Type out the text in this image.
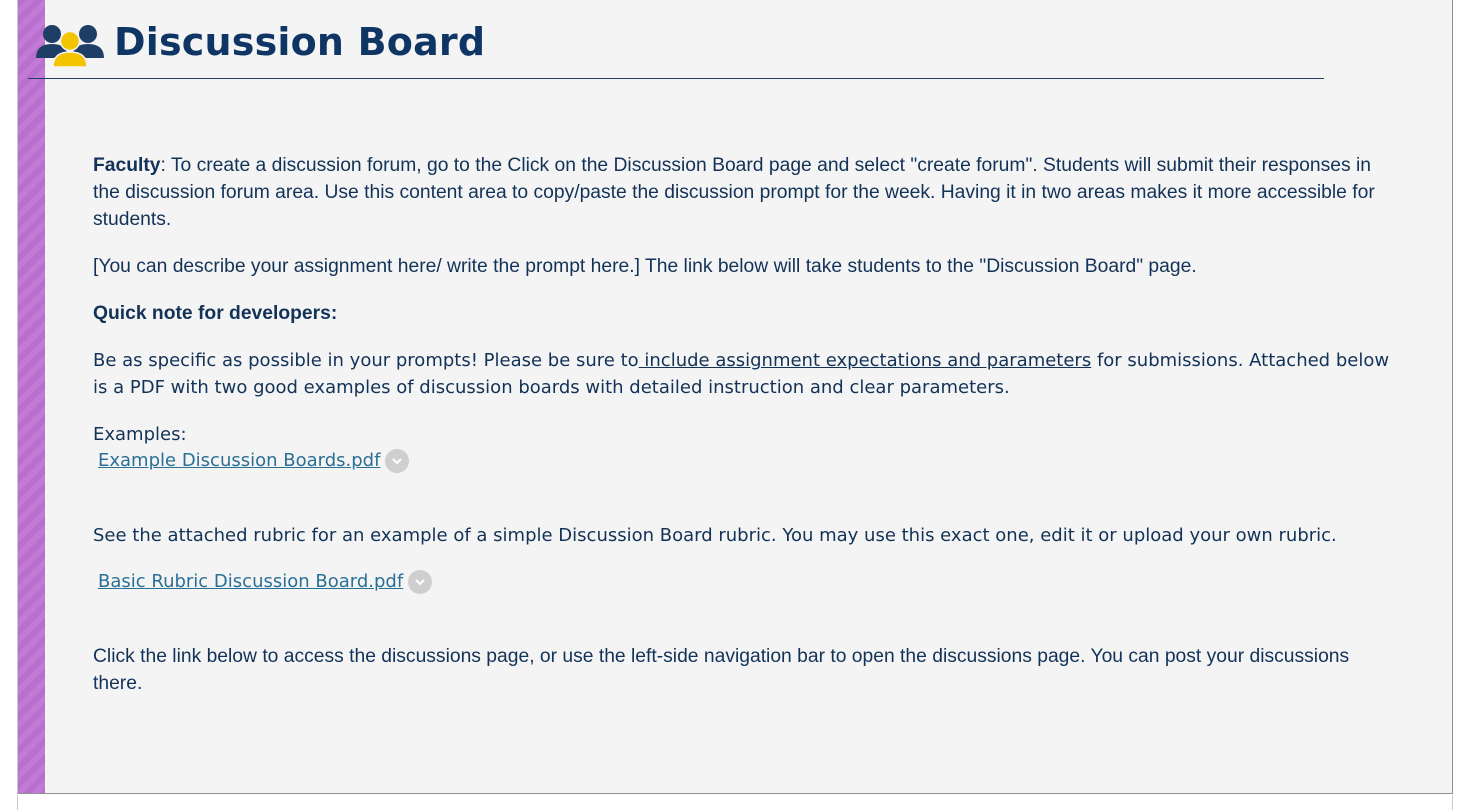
Discussion Board
Faculty: To create a discussion forum, go to the Click on the Discussion Board page and select "create forum". Students will submit their responses in the discussion forum area. Use this content area to copy/paste the discussion prompt for the week. Having it in two areas makes it more accessible for students.
[You can describe your assignment here/ write the prompt here.] The link below will take students to the "Discussion Board" page.
Quick note for developers:
Be as specific as possible in your prompts! Please be sure to include assignment expectations and parameters for submissions. Attached below is a PDF with two good examples of discussion boards with detailed instruction and clear parameters.
Examples:
Example Discussion Boards.pdf
See the attached rubric for an example of a simple Discussion Board rubric. You may use this exact one, edit it or upload your own rubric.
Basic Rubric Discussion Board.pdf
Click the link below to access the discussions page, or use the left-side navigation bar to open the discussions page. You can post your discussions there.
